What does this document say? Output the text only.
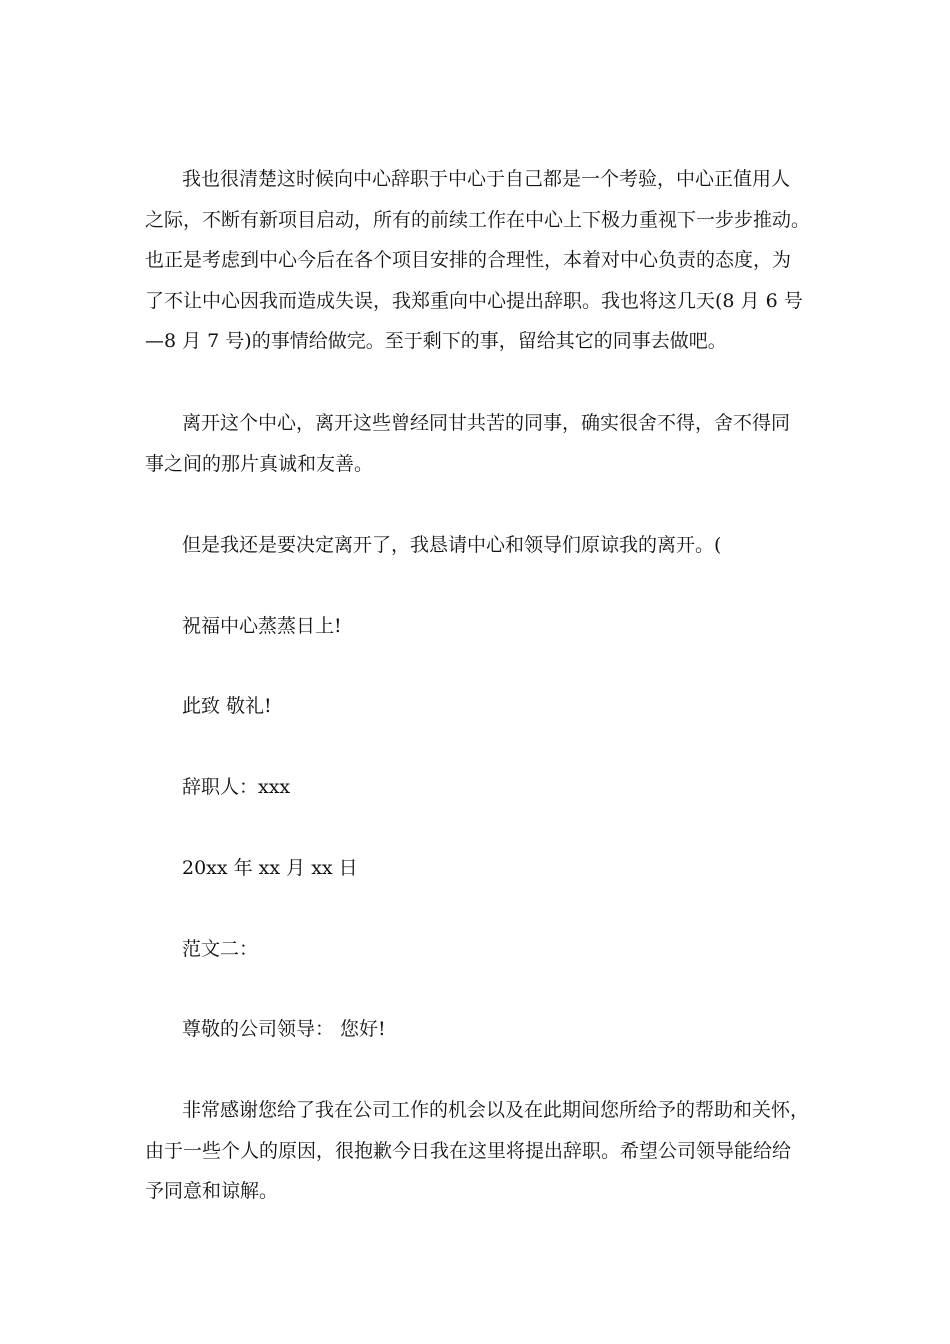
我也很清楚这时候向中心辞职于中心于自己都是一个考验，中心正值用人
之际，不断有新项目启动，所有的前续工作在中心上下极力重视下一步步推动。
也正是考虑到中心今后在各个项目安排的合理性，本着对中心负责的态度，为
了不让中心因我而造成失误，我郑重向中心提出辞职。我也将这几天(8 月 6 号
—8 月 7 号)的事情给做完。至于剩下的事，留给其它的同事去做吧。
离开这个中心，离开这些曾经同甘共苦的同事，确实很舍不得，舍不得同
事之间的那片真诚和友善。
但是我还是要决定离开了，我恳请中心和领导们原谅我的离开。(
祝福中心蒸蒸日上!
此致 敬礼!
辞职人：xxx
20xx 年 xx 月 xx 日
范文二：
尊敬的公司领导： 您好!
非常感谢您给了我在公司工作的机会以及在此期间您所给予的帮助和关怀，
由于一些个人的原因，很抱歉今日我在这里将提出辞职。希望公司领导能给给
予同意和谅解。
